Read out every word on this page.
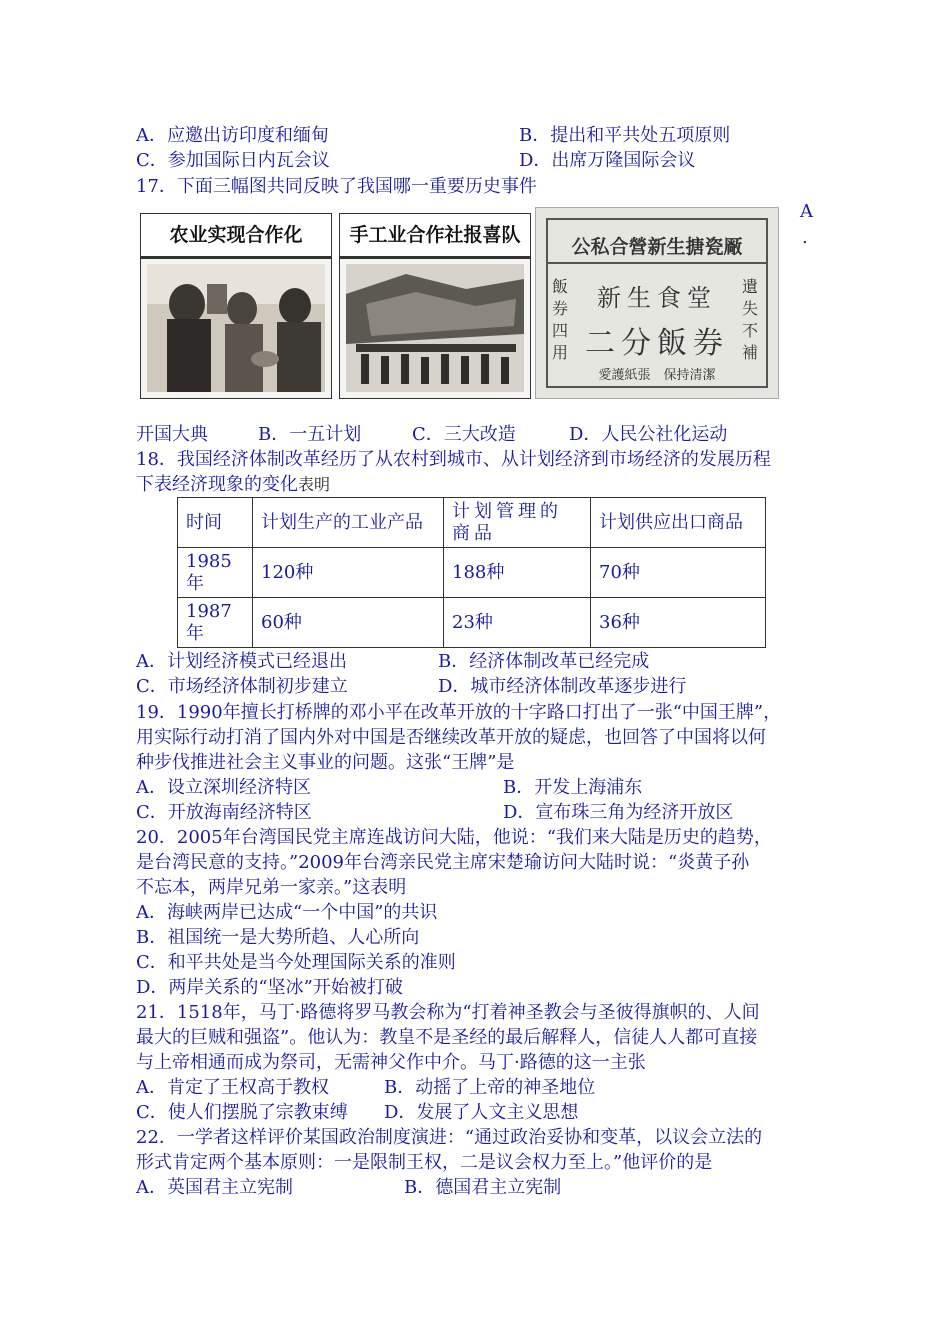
A．应邀出访印度和缅甸	B．提出和平共处五项原则
C．参加国际日内瓦会议	D．出席万隆国际会议
17．下面三幅图共同反映了我国哪一重要历史事件
农业实现合作化	手工业合作社报喜队
公私合營新生搪瓷厰
新生食堂
二分飯券
飯券四用
遺失不補
愛護紙張　保持清潔
A
.
开国大典	B．一五计划	C．三大改造	D．人民公社化运动
18．我国经济体制改革经历了从农村到城市、从计划经济到市场经济的发展历程
下表经济现象的变化表明
时间	计划生产的工业产品	计划管理的商品	计划供应出口商品
1985年	120种	188种	70种
1987年	60种	23种	36种
A．计划经济模式已经退出	B．经济体制改革已经完成
C．市场经济体制初步建立	D．城市经济体制改革逐步进行
19．1990年擅长打桥牌的邓小平在改革开放的十字路口打出了一张“中国王牌”，
用实际行动打消了国内外对中国是否继续改革开放的疑虑，也回答了中国将以何
种步伐推进社会主义事业的问题。这张“王牌”是
A．设立深圳经济特区	B．开发上海浦东
C．开放海南经济特区	D．宣布珠三角为经济开放区
20．2005年台湾国民党主席连战访问大陆，他说：“我们来大陆是历史的趋势，
是台湾民意的支持。”2009年台湾亲民党主席宋楚瑜访问大陆时说：“炎黄子孙
不忘本，两岸兄弟一家亲。”这表明
A．海峡两岸已达成“一个中国”的共识
B．祖国统一是大势所趋、人心所向
C．和平共处是当今处理国际关系的准则
D．两岸关系的“坚冰”开始被打破
21．1518年，马丁·路德将罗马教会称为“打着神圣教会与圣彼得旗帜的、人间
最大的巨贼和强盗”。他认为：教皇不是圣经的最后解释人，信徒人人都可直接
与上帝相通而成为祭司，无需神父作中介。马丁·路德的这一主张
A．肯定了王权高于教权	B．动摇了上帝的神圣地位
C．使人们摆脱了宗教束缚 D．发展了人文主义思想
22．一学者这样评价某国政治制度演进：“通过政治妥协和变革，以议会立法的
形式肯定两个基本原则：一是限制王权，二是议会权力至上。”他评价的是
A．英国君主立宪制	B．德国君主立宪制
